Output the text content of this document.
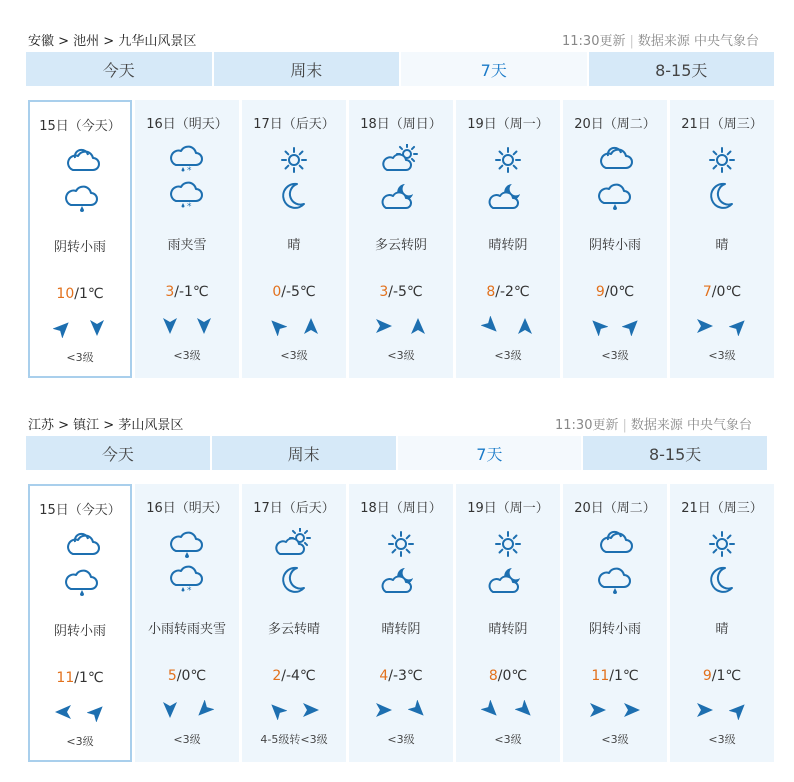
安徽 > 池州 > 九华山风景区	11:30更新 | 数据来源 中央气象台
今天	周末	7天	8-15天
15日（今天）
阴转小雨
10/1℃
<3级
16日（明天）
*
*
雨夹雪
3/-1℃
<3级
17日（后天）
晴
0/-5℃
<3级
18日（周日）
多云转阴
3/-5℃
<3级
19日（周一）
晴转阴
8/-2℃
<3级
20日（周二）
阴转小雨
9/0℃
<3级
21日（周三）
晴
7/0℃
<3级
江苏 > 镇江 > 茅山风景区	11:30更新 | 数据来源 中央气象台
今天	周末	7天	8-15天
15日（今天）
阴转小雨
11/1℃
<3级
16日（明天）
*
小雨转雨夹雪
5/0℃
<3级
17日（后天）
多云转晴
2/-4℃
4-5级转<3级
18日（周日）
晴转阴
4/-3℃
<3级
19日（周一）
晴转阴
8/0℃
<3级
20日（周二）
阴转小雨
11/1℃
<3级
21日（周三）
晴
9/1℃
<3级
